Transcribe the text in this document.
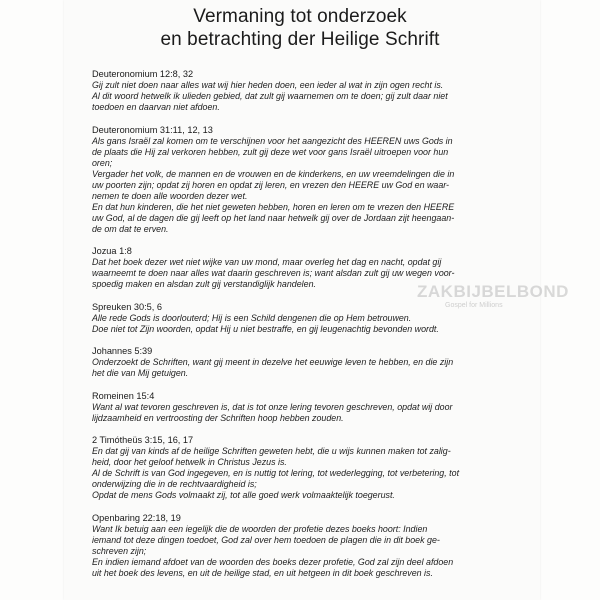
Vermaning tot onderzoek
en betrachting der Heilige Schrift
Deuteronomium 12:8, 32
Gij zult niet doen naar alles wat wij hier heden doen, een ieder al wat in zijn ogen recht is.
Al dit woord hetwelk ik ulieden gebied, dat zult gij waarnemen om te doen; gij zult daar niet
toedoen en daarvan niet afdoen.
Deuteronomium 31:11, 12, 13
Als gans Israël zal komen om te verschijnen voor het aangezicht des HEEREN uws Gods in
de plaats die Hij zal verkoren hebben, zult gij deze wet voor gans Israël uitroepen voor hun
oren;
Vergader het volk, de mannen en de vrouwen en de kinderkens, en uw vreemdelingen die in
uw poorten zijn; opdat zij horen en opdat zij leren, en vrezen den HEERE uw God en waar-
nemen te doen alle woorden dezer wet.
En dat hun kinderen, die het niet geweten hebben, horen en leren om te vrezen den HEERE
uw God, al de dagen die gij leeft op het land naar hetwelk gij over de Jordaan zijt heengaan-
de om dat te erven.
Jozua 1:8
Dat het boek dezer wet niet wijke van uw mond, maar overleg het dag en nacht, opdat gij
waarneemt te doen naar alles wat daarin geschreven is; want alsdan zult gij uw wegen voor-
spoedig maken en alsdan zult gij verstandiglijk handelen.
Spreuken 30:5, 6
Alle rede Gods is doorlouterd; Hij is een Schild dengenen die op Hem betrouwen.
Doe niet tot Zijn woorden, opdat Hij u niet bestraffe, en gij leugenachtig bevonden wordt.
Johannes 5:39
Onderzoekt de Schriften, want gij meent in dezelve het eeuwige leven te hebben, en die zijn
het die van Mij getuigen.
Romeinen 15:4
Want al wat tevoren geschreven is, dat is tot onze lering tevoren geschreven, opdat wij door
lijdzaamheid en vertroosting der Schriften hoop hebben zouden.
2 Timótheüs 3:15, 16, 17
En dat gij van kinds af de heilige Schriften geweten hebt, die u wijs kunnen maken tot zalig-
heid, door het geloof hetwelk in Christus Jezus is.
Al de Schrift is van God ingegeven, en is nuttig tot lering, tot wederlegging, tot verbetering, tot
onderwijzing die in de rechtvaardigheid is;
Opdat de mens Gods volmaakt zij, tot alle goed werk volmaaktelijk toegerust.
Openbaring 22:18, 19
Want Ik betuig aan een iegelijk die de woorden der profetie dezes boeks hoort: Indien
iemand tot deze dingen toedoet, God zal over hem toedoen de plagen die in dit boek ge-
schreven zijn;
En indien iemand afdoet van de woorden des boeks dezer profetie, God zal zijn deel afdoen
uit het boek des levens, en uit de heilige stad, en uit hetgeen in dit boek geschreven is.
ZAKBIJBELBOND
Gospel for Millions
